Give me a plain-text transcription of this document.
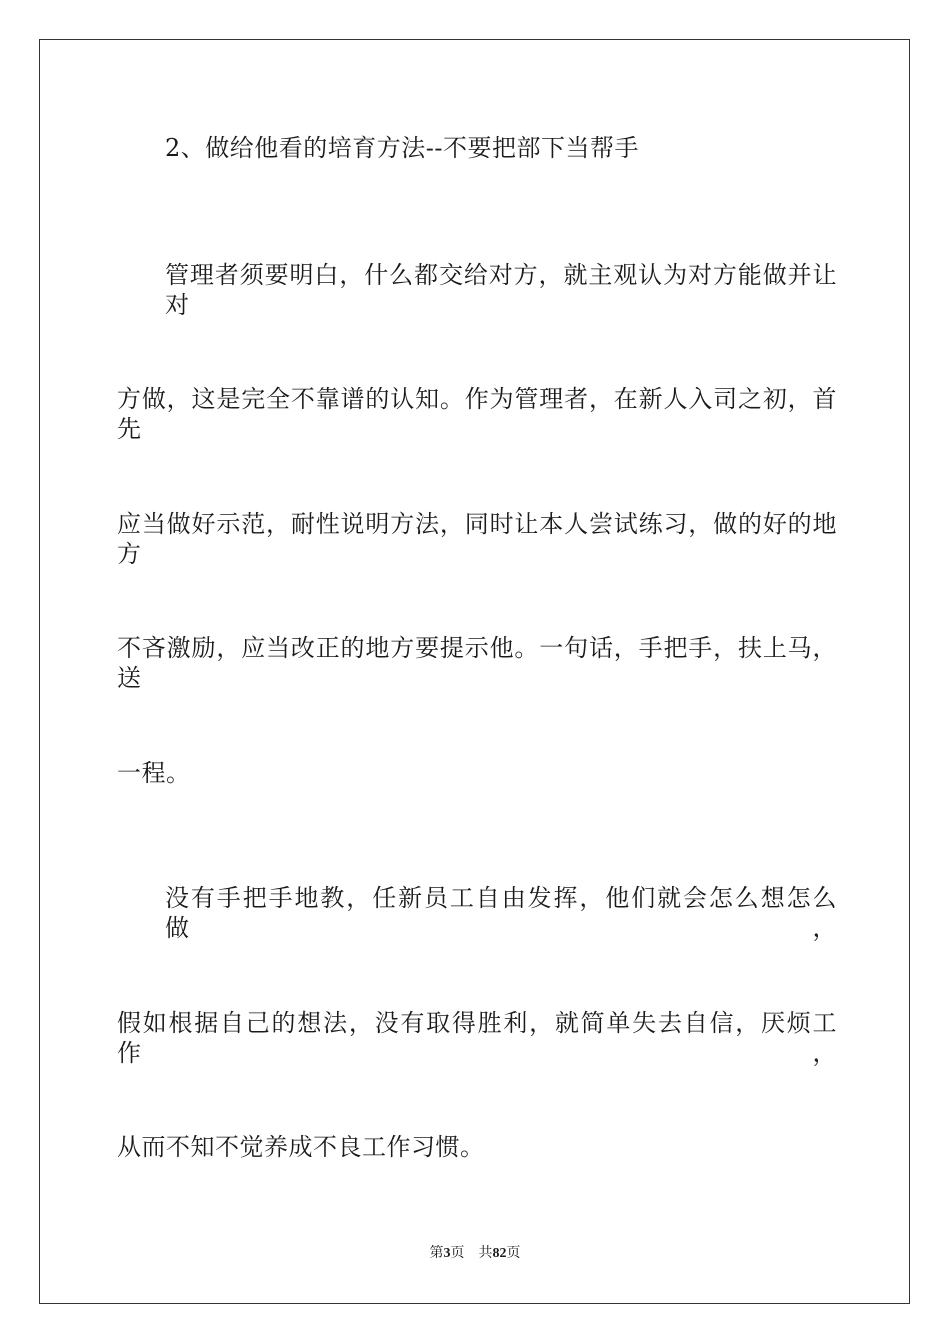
2、做给他看的培育方法--不要把部下当帮手
管理者须要明白，什么都交给对方，就主观认为对方能做并让对
方做，这是完全不靠谱的认知。作为管理者，在新人入司之初，首先
应当做好示范，耐性说明方法，同时让本人尝试练习，做的好的地方
不吝激励，应当改正的地方要提示他。一句话，手把手，扶上马，送
一程。
没有手把手地教，任新员工自由发挥，他们就会怎么想怎么做，
假如根据自己的想法，没有取得胜利，就简单失去自信，厌烦工作，
从而不知不觉养成不良工作习惯。
第3页 共82页
